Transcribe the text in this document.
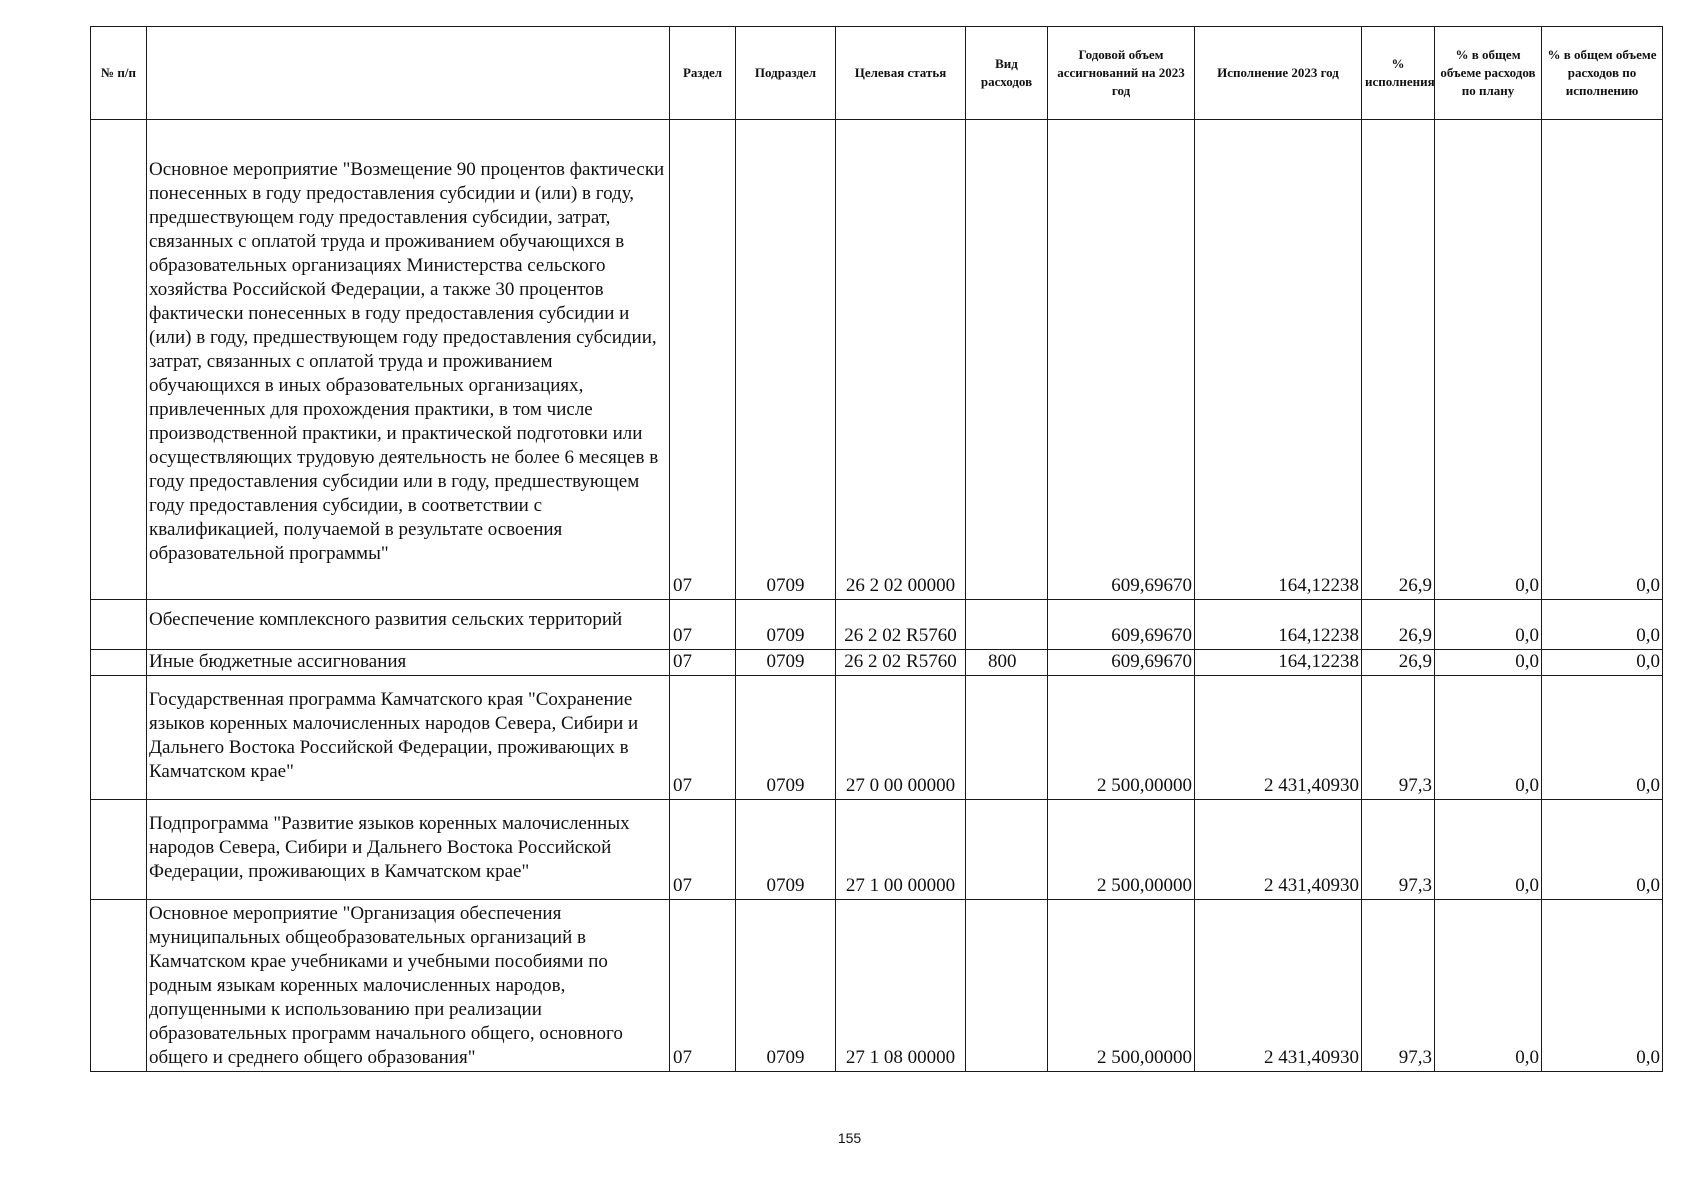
№ п/п		Раздел	Подраздел	Целевая статья	Вид расходов	Годовой объем ассигнований на 2023 год	Исполнение 2023 год	% исполнения	% в общем объеме расходов по плану	% в общем объеме расходов по исполнению
	Основное мероприятие "Возмещение 90 процентов фактически понесенных в году предоставления субсидии и (или) в году, предшествующем году предоставления субсидии, затрат, связанных с оплатой труда и проживанием обучающихся в образовательных организациях Министерства сельского хозяйства Российской Федерации, а также 30 процентов фактически понесенных в году предоставления субсидии и (или) в году, предшествующем году предоставления субсидии, затрат, связанных с оплатой труда и проживанием обучающихся в иных образовательных организациях, привлеченных для прохождения практики, в том числе производственной практики, и практической подготовки или осуществляющих трудовую деятельность не более 6 месяцев в году предоставления субсидии или в году, предшествующем году предоставления субсидии, в соответствии с квалификацией, получаемой в результате освоения образовательной программы"	07	0709	26 2 02 00000		609,69670	164,12238	26,9	0,0	0,0
	Обеспечение комплексного развития сельских территорий	07	0709	26 2 02 R5760		609,69670	164,12238	26,9	0,0	0,0
	Иные бюджетные ассигнования	07	0709	26 2 02 R5760	800	609,69670	164,12238	26,9	0,0	0,0
	Государственная программа Камчатского края "Сохранение языков коренных малочисленных народов Севера, Сибири и Дальнего Востока Российской Федерации, проживающих в Камчатском крае"	07	0709	27 0 00 00000		2 500,00000	2 431,40930	97,3	0,0	0,0
	Подпрограмма "Развитие языков коренных малочисленных народов Севера, Сибири и Дальнего Востока Российской Федерации, проживающих в Камчатском крае"	07	0709	27 1 00 00000		2 500,00000	2 431,40930	97,3	0,0	0,0
	Основное мероприятие "Организация обеспечения муниципальных общеобразовательных организаций в Камчатском крае учебниками и учебными пособиями по родным языкам коренных малочисленных народов, допущенными к использованию при реализации образовательных программ начального общего, основного общего и среднего общего образования"	07	0709	27 1 08 00000		2 500,00000	2 431,40930	97,3	0,0	0,0
155
